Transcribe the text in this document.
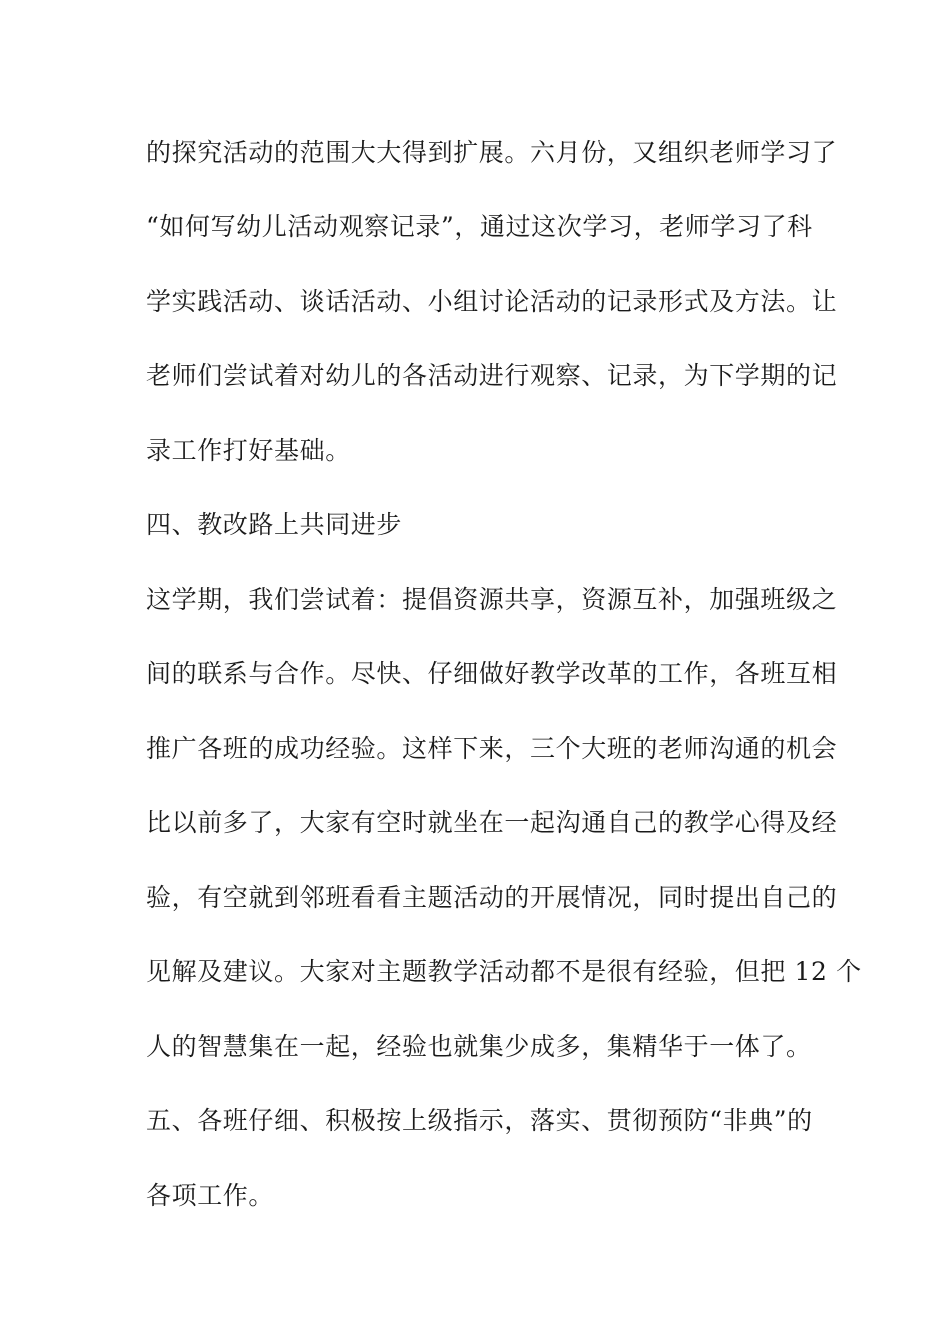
的探究活动的范围大大得到扩展。六月份，又组织老师学习了
“如何写幼儿活动观察记录”，通过这次学习，老师学习了科
学实践活动、谈话活动、小组讨论活动的记录形式及方法。让
老师们尝试着对幼儿的各活动进行观察、记录，为下学期的记
录工作打好基础。
四、教改路上共同进步
这学期，我们尝试着：提倡资源共享，资源互补，加强班级之
间的联系与合作。尽快、仔细做好教学改革的工作，各班互相
推广各班的成功经验。这样下来，三个大班的老师沟通的机会
比以前多了，大家有空时就坐在一起沟通自己的教学心得及经
验，有空就到邻班看看主题活动的开展情况，同时提出自己的
见解及建议。大家对主题教学活动都不是很有经验，但把 12 个
人的智慧集在一起，经验也就集少成多，集精华于一体了。
五、各班仔细、积极按上级指示，落实、贯彻预防“非典”的
各项工作。
